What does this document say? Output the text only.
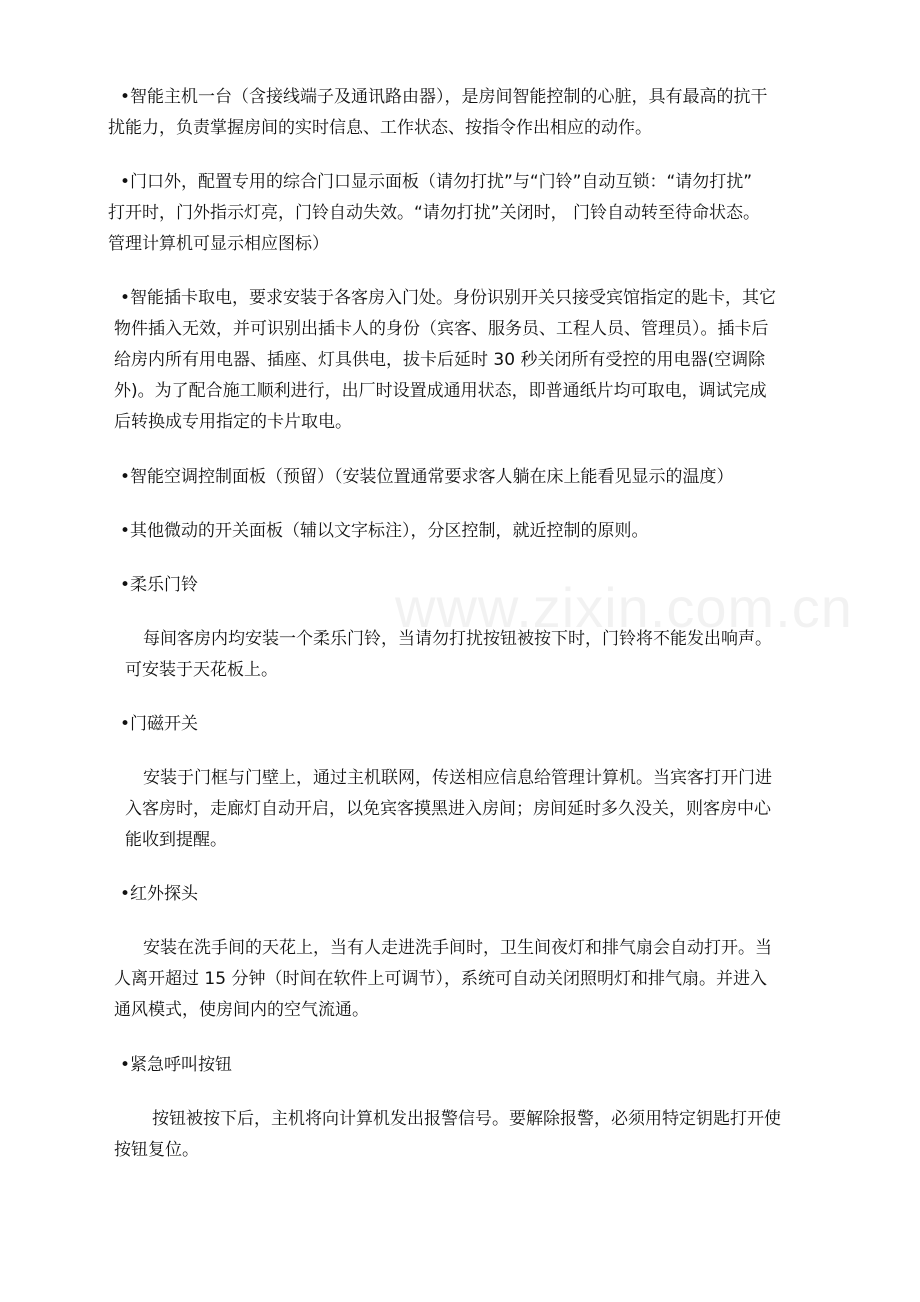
www.zixin.com.cn
•智能主机一台（含接线端子及通讯路由器），是房间智能控制的心脏，具有最高的抗干
扰能力，负责掌握房间的实时信息、工作状态、按指令作出相应的动作。
•门口外，配置专用的综合门口显示面板（请勿打扰”与“门铃”自动互锁：“请勿打扰”
打开时，门外指示灯亮，门铃自动失效。“请勿打扰”关闭时， 门铃自动转至待命状态。
管理计算机可显示相应图标）
•智能插卡取电，要求安装于各客房入门处。身份识别开关只接受宾馆指定的匙卡，其它
物件插入无效，并可识别出插卡人的身份（宾客、服务员、工程人员、管理员）。插卡后
给房内所有用电器、插座、灯具供电，拔卡后延时 30 秒关闭所有受控的用电器(空调除
外)。为了配合施工顺利进行，出厂时设置成通用状态，即普通纸片均可取电，调试完成
后转换成专用指定的卡片取电。
•智能空调控制面板（预留）（安装位置通常要求客人躺在床上能看见显示的温度）
•其他微动的开关面板（辅以文字标注），分区控制，就近控制的原则。
•柔乐门铃
每间客房内均安装一个柔乐门铃，当请勿打扰按钮被按下时，门铃将不能发出响声。
可安装于天花板上。
•门磁开关
安装于门框与门壁上，通过主机联网，传送相应信息给管理计算机。当宾客打开门进
入客房时，走廊灯自动开启，以免宾客摸黑进入房间；房间延时多久没关，则客房中心
能收到提醒。
•红外探头
安装在洗手间的天花上，当有人走进洗手间时，卫生间夜灯和排气扇会自动打开。当
人离开超过 15 分钟（时间在软件上可调节），系统可自动关闭照明灯和排气扇。并进入
通风模式，使房间内的空气流通。
•紧急呼叫按钮
按钮被按下后，主机将向计算机发出报警信号。要解除报警，必须用特定钥匙打开使
按钮复位。
